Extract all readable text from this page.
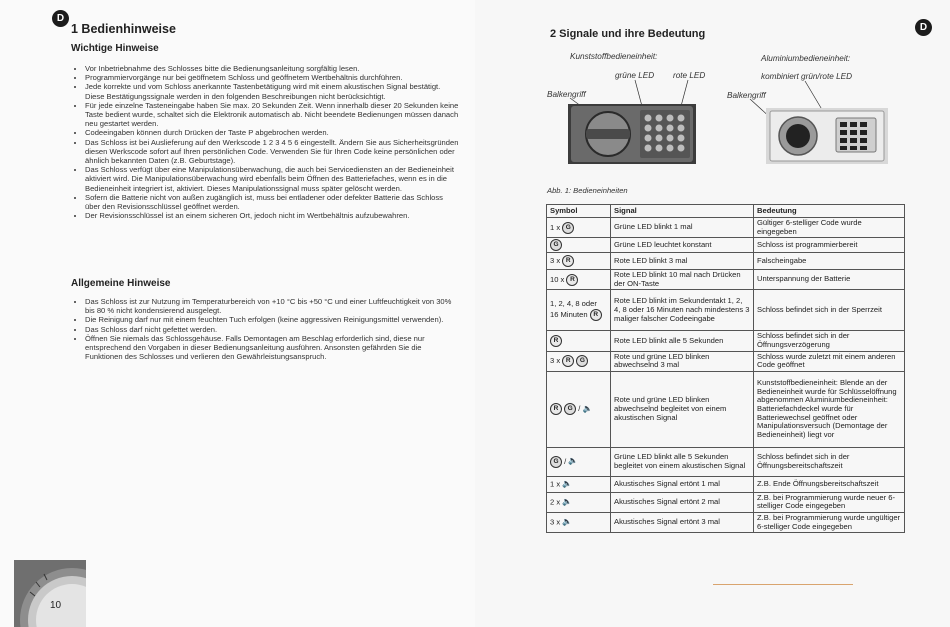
D
1 Bedienhinweise
Wichtige Hinweise
• Vor Inbetriebnahme des Schlosses bitte die Bedienungsanleitung sorgfältig lesen.
• Programmiervorgänge nur bei geöffnetem Schloss und geöffnetem Wertbehältnis durchführen.
• Jede korrekte und vom Schloss anerkannte Tastenbetätigung wird mit einem akustischen Signal bestätigt. Diese Bestätigungssignale werden in den folgenden Beschreibungen nicht berücksichtigt.
• Für jede einzelne Tasteneingabe haben Sie max. 20 Sekunden Zeit. Wenn innerhalb dieser 20 Sekunden keine Taste bedient wurde, schaltet sich die Elektronik automatisch ab. Nicht beendete Bedienungen müssen danach neu gestartet werden.
• Codeeingaben können durch Drücken der Taste P abgebrochen werden.
• Das Schloss ist bei Auslieferung auf den Werkscode 1 2 3 4 5 6 eingestellt. Ändern Sie aus Sicherheitsgründen diesen Werkscode sofort auf Ihren persönlichen Code. Verwenden Sie für Ihren Code keine persönlichen oder ähnlich bekannten Daten (z.B. Geburtstage).
• Das Schloss verfügt über eine Manipulationsüberwachung, die auch bei Servicediensten an der Bedieneinheit aktiviert wird. Die Manipulationsüberwachung wird ebenfalls beim Öffnen des Batteriefaches, wenn es in die Bedieneinheit integriert ist, aktiviert. Dieses Manipulationssignal muss später gelöscht werden.
• Sofern die Batterie nicht von außen zugänglich ist, muss bei entladener oder defekter Batterie das Schloss über den Revisionsschlüssel geöffnet werden.
• Der Revisionsschlüssel ist an einem sicheren Ort, jedoch nicht im Wertbehältnis aufzubewahren.
Allgemeine Hinweise
• Das Schloss ist zur Nutzung im Temperaturbereich von +10 °C bis +50 °C und einer Luftfeuchtigkeit von 30% bis 80 % nicht kondensierend ausgelegt.
• Die Reinigung darf nur mit einem feuchten Tuch erfolgen (keine aggressiven Reinigungsmittel verwenden).
• Das Schloss darf nicht gefettet werden.
• Öffnen Sie niemals das Schlossgehäuse. Falls Demontagen am Beschlag erforderlich sind, diese nur entsprechend den Vorgaben in dieser Bedienungsanleitung ausführen. Ansonsten gefährden Sie die Funktionen des Schlosses und verlieren den Gewährleistungsanspruch.
10
D
2 Signale und ihre Bedeutung
Kunststoffbedieneinheit:	Aluminiumbedieneinheit:
grüne LED rote LED	kombiniert grün/rote LED
Balkengriff	Balkengriff
Abb. 1: Bedieneinheiten
Symbol	Signal	Bedeutung
1 x G	Grüne LED blinkt 1 mal	Gültiger 6-stelliger Code wurde eingegeben
G	Grüne LED leuchtet konstant	Schloss ist programmierbereit
3 x R	Rote LED blinkt 3 mal	Falscheingabe
10 x R	Rote LED blinkt 10 mal nach Drücken der ON-Taste	Unterspannung der Batterie
1, 2, 4, 8 oder 16 Minuten R	Rote LED blinkt im Sekundentakt 1, 2, 4, 8 oder 16 Minuten nach mindestens 3 maliger falscher Codeeingabe	Schloss befindet sich in der Sperrzeit
R	Rote LED blinkt alle 5 Sekunden	Schloss befindet sich in der Öffnungsverzögerung
3 x R G	Rote und grüne LED blinken abwechselnd 3 mal	Schloss wurde zuletzt mit einem anderen Code geöffnet
R G / 🔈	Rote und grüne LED blinken abwechselnd begleitet von einem akustischen Signal	Kunststoffbedieneinheit: Blende an der Bedieneinheit wurde für Schlüsselöffnung abgenommen Aluminiumbedieneinheit: Batteriefachdeckel wurde für Batteriewechsel geöffnet oder Manipulationsversuch (Demontage der Bedieneinheit) liegt vor
G / 🔈	Grüne LED blinkt alle 5 Sekunden begleitet von einem akustischen Signal	Schloss befindet sich in der Öffnungsbereitschaftszeit
1 x 🔈	Akustisches Signal ertönt 1 mal	Z.B. Ende Öffnungsbereitschaftszeit
2 x 🔈	Akustisches Signal ertönt 2 mal	Z.B. bei Programmierung wurde neuer 6-stelliger Code eingegeben
3 x 🔈	Akustisches Signal ertönt 3 mal	Z.B. bei Programmierung wurde ungültiger 6-stelliger Code eingegeben
